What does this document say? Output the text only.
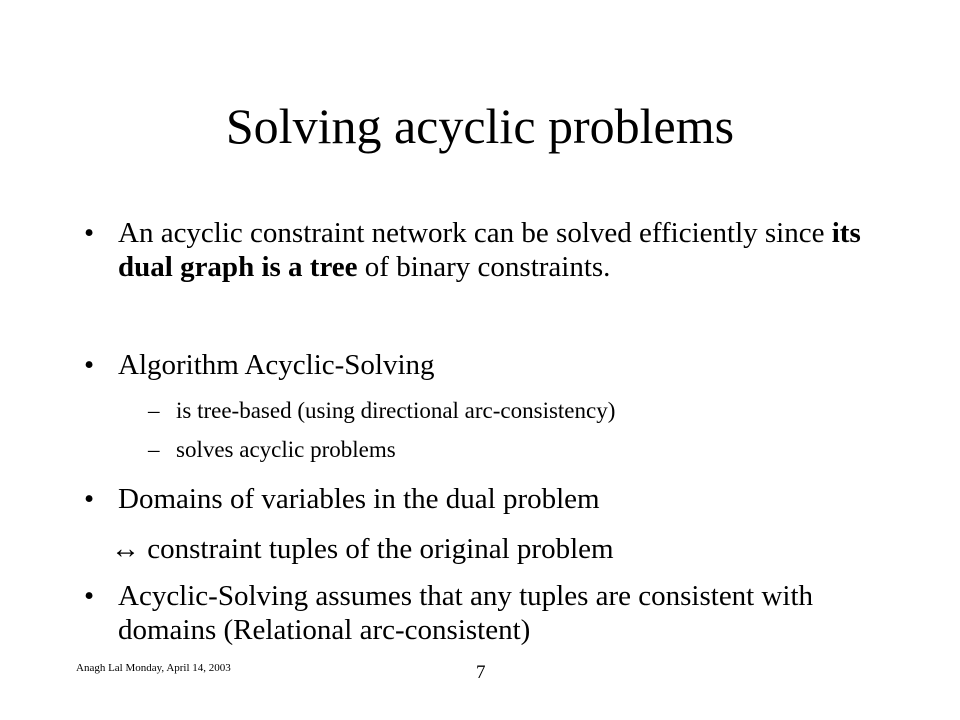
Solving acyclic problems
• An acyclic constraint network can be solved efficiently since its dual graph is a tree of binary constraints.
• Algorithm Acyclic-Solving
– is tree-based (using directional arc-consistency)
– solves acyclic problems
• Domains of variables in the dual problem
↔ constraint tuples of the original problem
• Acyclic-Solving assumes that any tuples are consistent with domains (Relational arc-consistent)
Anagh Lal Monday, April 14, 2003	7
